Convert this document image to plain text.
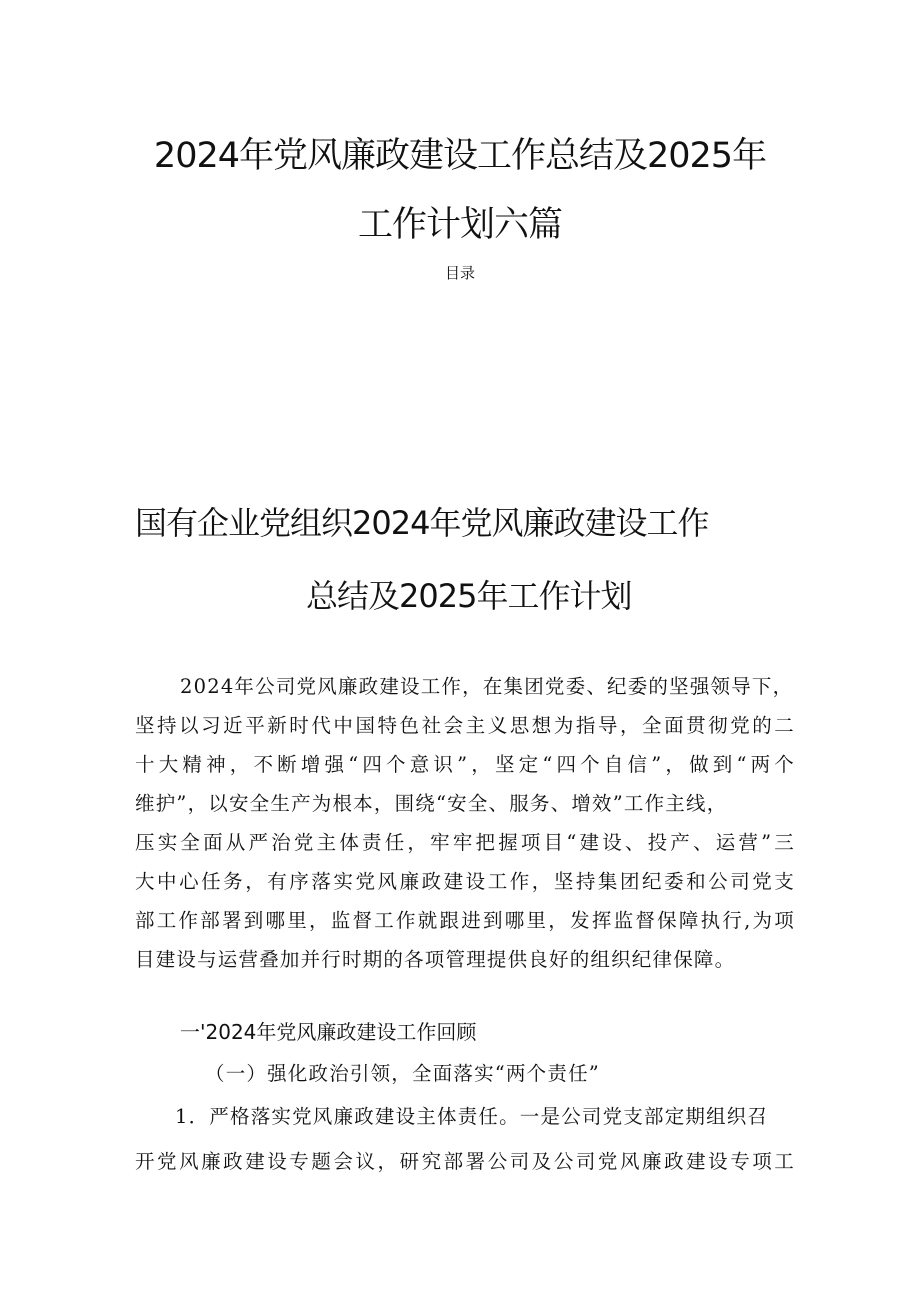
2024年党风廉政建设工作总结及2025年
工作计划六篇
目录
国有企业党组织2024年党风廉政建设工作
总结及2025年工作计划
2024年公司党风廉政建设工作，在集团党委、纪委的坚强领导下，
坚持以习近平新时代中国特色社会主义思想为指导，全面贯彻党的二
十大精神，不断增强“四个意识”，坚定“四个自信”，做到“两个
维护”，以安全生产为根本，围绕“安全、服务、增效”工作主线，
压实全面从严治党主体责任，牢牢把握项目“建设、投产、运营”三
大中心任务，有序落实党风廉政建设工作，坚持集团纪委和公司党支
部工作部署到哪里，监督工作就跟进到哪里，发挥监督保障执行,为项
目建设与运营叠加并行时期的各项管理提供良好的组织纪律保障。
一'2024年党风廉政建设工作回顾
（一）强化政治引领，全面落实“两个责任”
1．严格落实党风廉政建设主体责任。一是公司党支部定期组织召
开党风廉政建设专题会议，研究部署公司及公司党风廉政建设专项工
